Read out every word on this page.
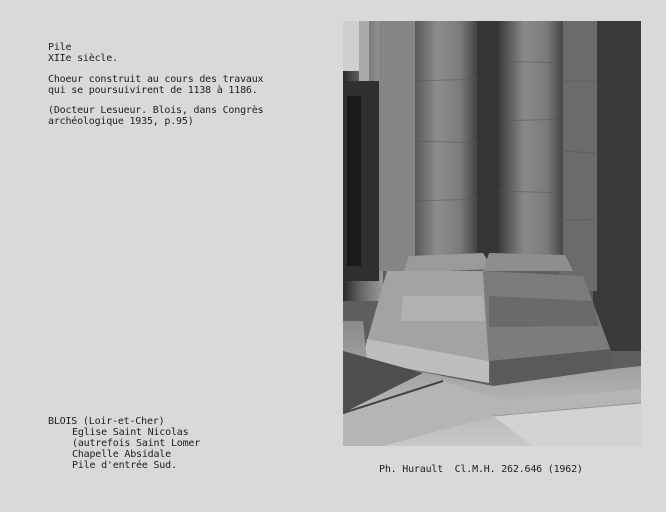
Pile
XIIe siècle.
Choeur construit au cours des travaux
qui se poursuivirent de 1138 à 1186.
(Docteur Lesueur. Blois, dans Congrès
archéologique 1935, p.95)
BLOIS (Loir-et-Cher)
Eglise Saint Nicolas
(autrefois Saint Lomer
Chapelle Absidale
Pile d'entrée Sud.	Ph. Hurault  Cl.M.H. 262.646 (1962)
